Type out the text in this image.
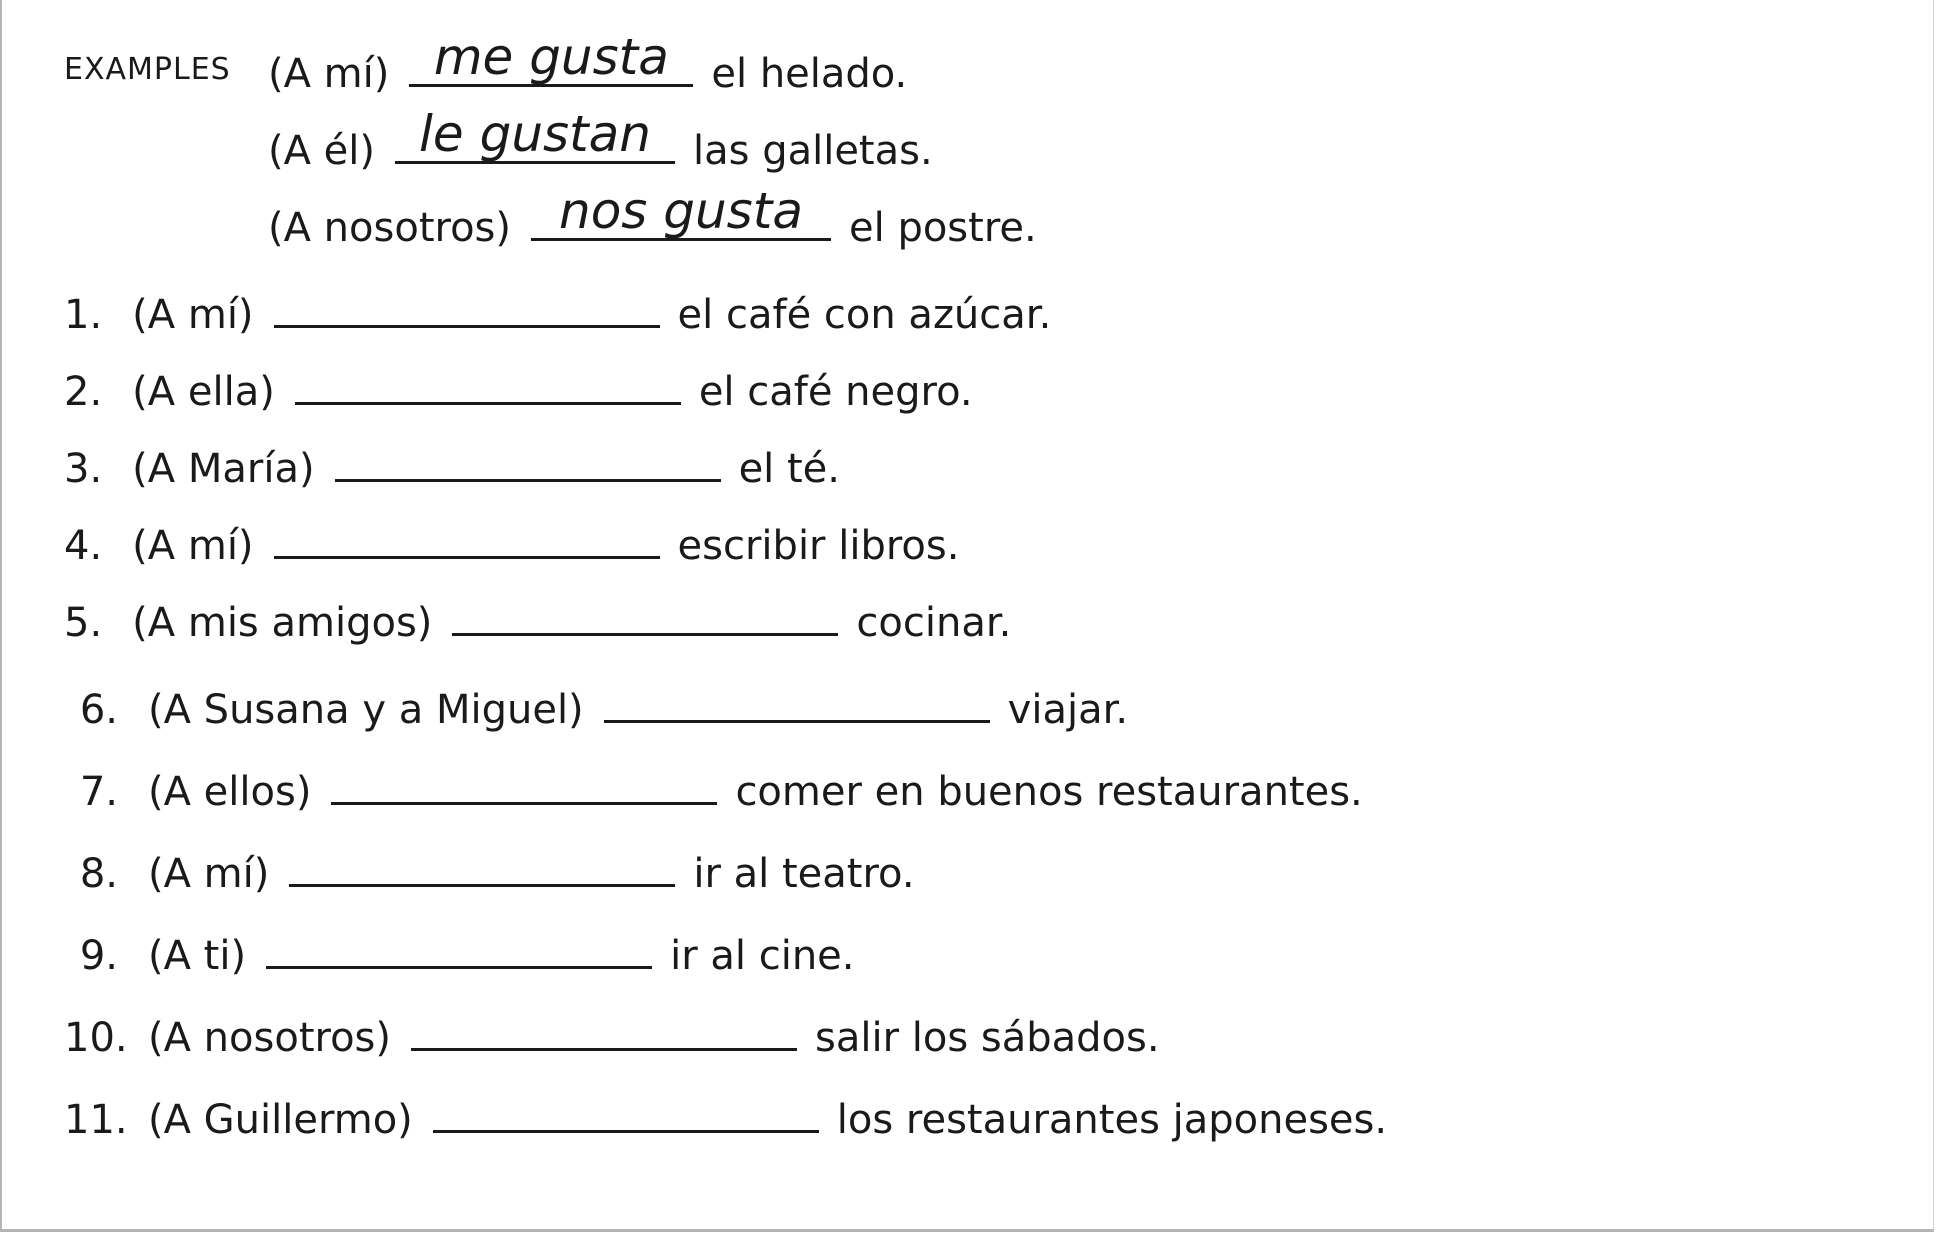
EXAMPLES (A mí) me gusta	el helado.
(A él) le gustan	las galletas.
(A nosotros) nos gusta	el postre.
1. (A mí)	el café con azúcar.
2. (A ella)	el café negro.
3. (A María)	el té.
4. (A mí)	escribir libros.
5. (A mis amigos)	cocinar.
6. (A Susana y a Miguel)	viajar.
7. (A ellos)	comer en buenos restaurantes.
8. (A mí)	ir al teatro.
9. (A ti)	ir al cine.
10. (A nosotros)	salir los sábados.
11. (A Guillermo)	los restaurantes japoneses.
